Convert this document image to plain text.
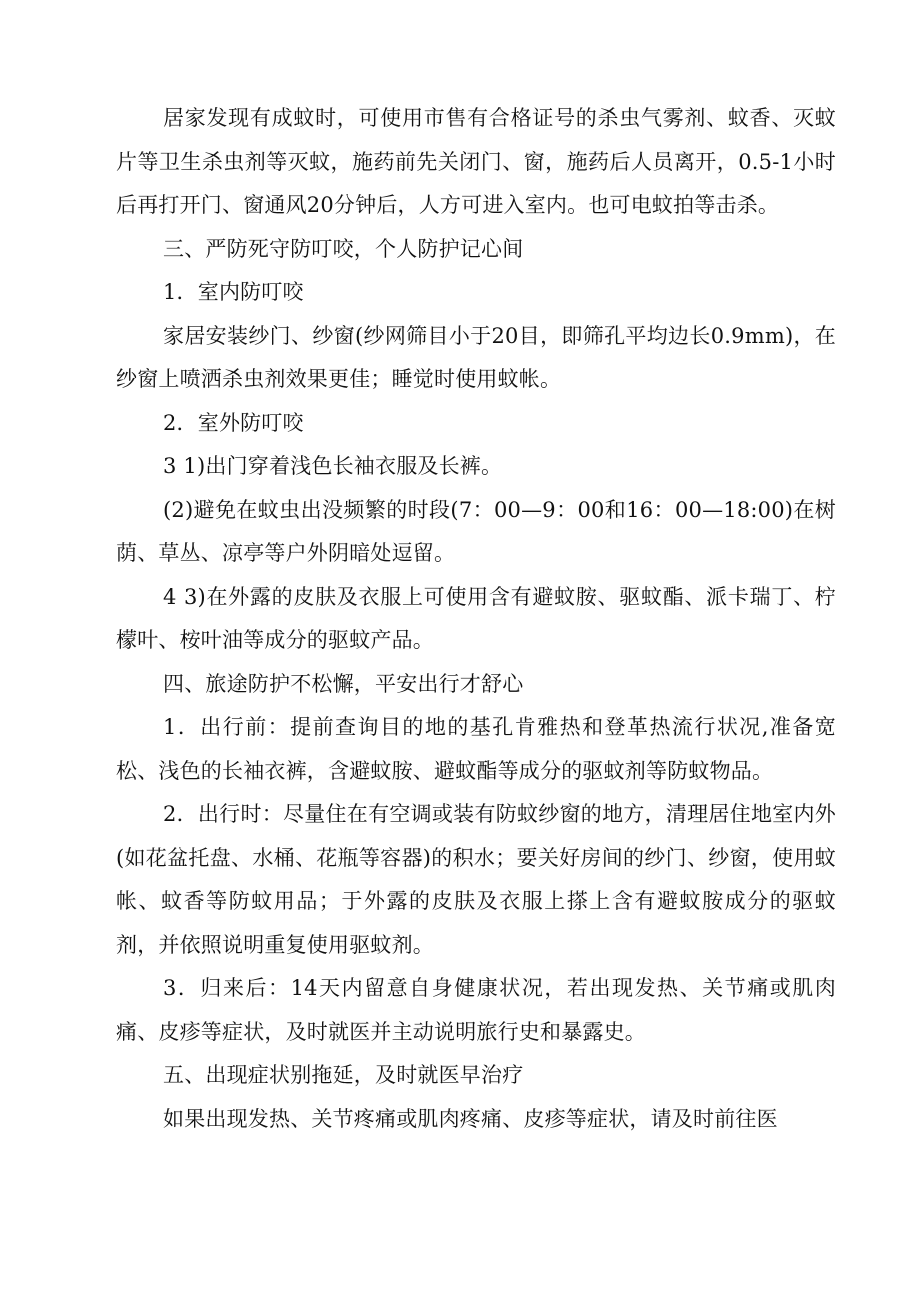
居家发现有成蚊时，可使用市售有合格证号的杀虫气雾剂、蚊香、灭蚊片等卫生杀虫剂等灭蚊，施药前先关闭门、窗，施药后人员离开，0.5-1小时后再打开门、窗通风20分钟后，人方可进入室内。也可电蚊拍等击杀。

三、严防死守防叮咬，个人防护记心间

1．室内防叮咬

家居安装纱门、纱窗(纱网筛目小于20目，即筛孔平均边长0.9mm)，在纱窗上喷洒杀虫剂效果更佳；睡觉时使用蚊帐。

2．室外防叮咬

3 1)出门穿着浅色长袖衣服及长裤。

(2)避免在蚊虫出没频繁的时段(7：00—9：00和16：00—18:00)在树荫、草丛、凉亭等户外阴暗处逗留。

4 3)在外露的皮肤及衣服上可使用含有避蚊胺、驱蚊酯、派卡瑞丁、柠檬叶、桉叶油等成分的驱蚊产品。

四、旅途防护不松懈，平安出行才舒心

1．出行前：提前查询目的地的基孔肯雅热和登革热流行状况,准备宽松、浅色的长袖衣裤，含避蚊胺、避蚊酯等成分的驱蚊剂等防蚊物品。

2．出行时：尽量住在有空调或装有防蚊纱窗的地方，清理居住地室内外(如花盆托盘、水桶、花瓶等容器)的积水；要关好房间的纱门、纱窗，使用蚊帐、蚊香等防蚊用品；于外露的皮肤及衣服上搽上含有避蚊胺成分的驱蚊剂，并依照说明重复使用驱蚊剂。

3．归来后：14天内留意自身健康状况，若出现发热、关节痛或肌肉痛、皮疹等症状，及时就医并主动说明旅行史和暴露史。

五、出现症状别拖延，及时就医早治疗

如果出现发热、关节疼痛或肌肉疼痛、皮疹等症状，请及时前往医
